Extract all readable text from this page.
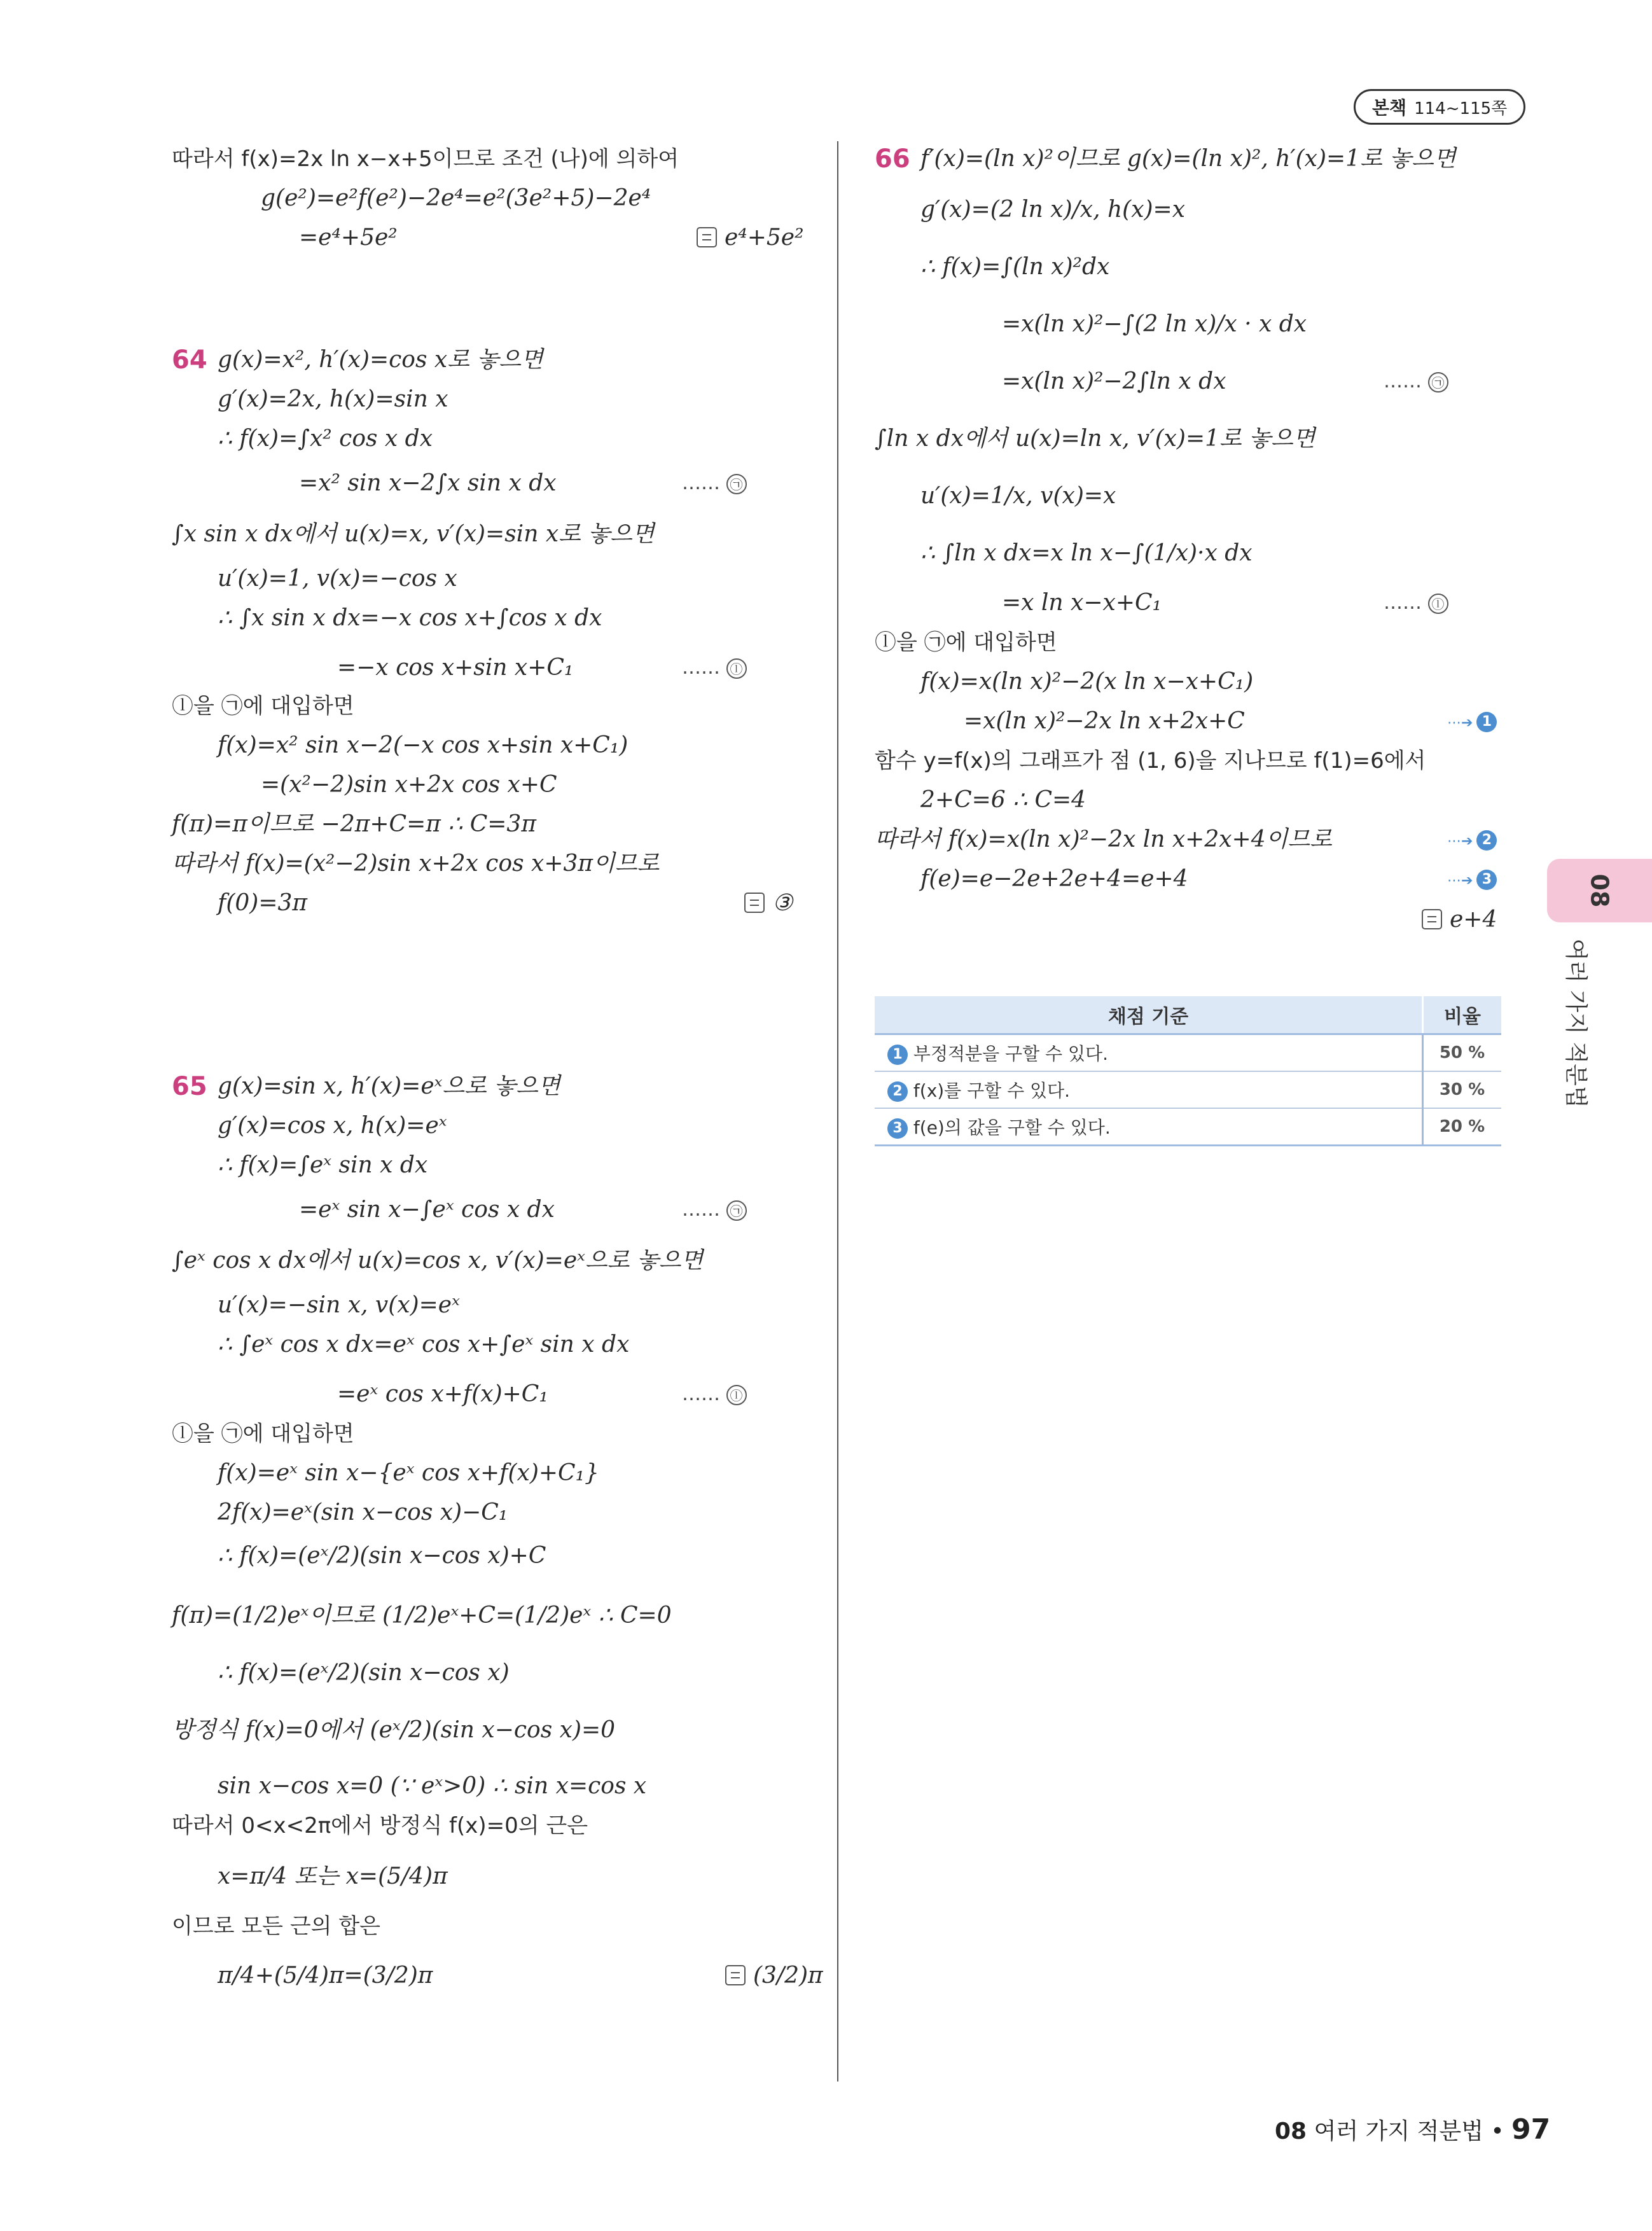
본책 114~115쪽
따라서 f(x)=2x ln x−x+5이므로 조건 (나)에 의하여
g(e²)=e²f(e²)−2e⁴=e²(3e²+5)−2e⁴
=e⁴+5e²	e⁴+5e²
64 g(x)=x², h′(x)=cos x로 놓으면
g′(x)=2x, h(x)=sin x
∴ f(x)=∫x² cos x dx
=x² sin x−2∫x sin x dx	…… ㉠
∫x sin x dx에서 u(x)=x, v′(x)=sin x로 놓으면
u′(x)=1, v(x)=−cos x
∴ ∫x sin x dx=−x cos x+∫cos x dx
=−x cos x+sin x+C₁	…… ⓛ
ⓛ을 ㉠에 대입하면
f(x)=x² sin x−2(−x cos x+sin x+C₁)
=(x²−2)sin x+2x cos x+C
f(π)=π이므로 −2π+C=π ∴ C=3π
따라서 f(x)=(x²−2)sin x+2x cos x+3π이므로
f(0)=3π	③
65 g(x)=sin x, h′(x)=eˣ으로 놓으면
g′(x)=cos x, h(x)=eˣ
∴ f(x)=∫eˣ sin x dx
=eˣ sin x−∫eˣ cos x dx	…… ㉠
∫eˣ cos x dx에서 u(x)=cos x, v′(x)=eˣ으로 놓으면
u′(x)=−sin x, v(x)=eˣ
∴ ∫eˣ cos x dx=eˣ cos x+∫eˣ sin x dx
=eˣ cos x+f(x)+C₁	…… ⓛ
ⓛ을 ㉠에 대입하면
f(x)=eˣ sin x−{eˣ cos x+f(x)+C₁}
2f(x)=eˣ(sin x−cos x)−C₁
∴ f(x)=(eˣ/2)(sin x−cos x)+C
f(π)=(1/2)eˣ이므로 (1/2)eˣ+C=(1/2)eˣ ∴ C=0
∴ f(x)=(eˣ/2)(sin x−cos x)
방정식 f(x)=0에서 (eˣ/2)(sin x−cos x)=0
sin x−cos x=0 (∵ eˣ>0) ∴ sin x=cos x
따라서 0<x<2π에서 방정식 f(x)=0의 근은
x=π/4 또는 x=(5/4)π
이므로 모든 근의 합은
π/4+(5/4)π=(3/2)π	(3/2)π
66 f′(x)=(ln x)²이므로 g(x)=(ln x)², h′(x)=1로 놓으면
g′(x)=(2 ln x)/x, h(x)=x
∴ f(x)=∫(ln x)²dx
=x(ln x)²−∫(2 ln x)/x · x dx
=x(ln x)²−2∫ln x dx	…… ㉠
∫ln x dx에서 u(x)=ln x, v′(x)=1로 놓으면
u′(x)=1/x, v(x)=x
∴ ∫ln x dx=x ln x−∫(1/x)·x dx
=x ln x−x+C₁	…… ⓛ
ⓛ을 ㉠에 대입하면
f(x)=x(ln x)²−2(x ln x−x+C₁)
=x(ln x)²−2x ln x+2x+C	⋯➔ 1
함수 y=f(x)의 그래프가 점 (1, 6)을 지나므로 f(1)=6에서
2+C=6 ∴ C=4
따라서 f(x)=x(ln x)²−2x ln x+2x+4이므로	⋯➔ 2
f(e)=e−2e+2e+4=e+4	⋯➔ 3
e+4
채점 기준	비율
1 부정적분을 구할 수 있다.	50 %
2 f(x)를 구할 수 있다.	30 %
3 f(e)의 값을 구할 수 있다.	20 %
08
여러 가지 적분법
08 여러 가지 적분법 • 97
